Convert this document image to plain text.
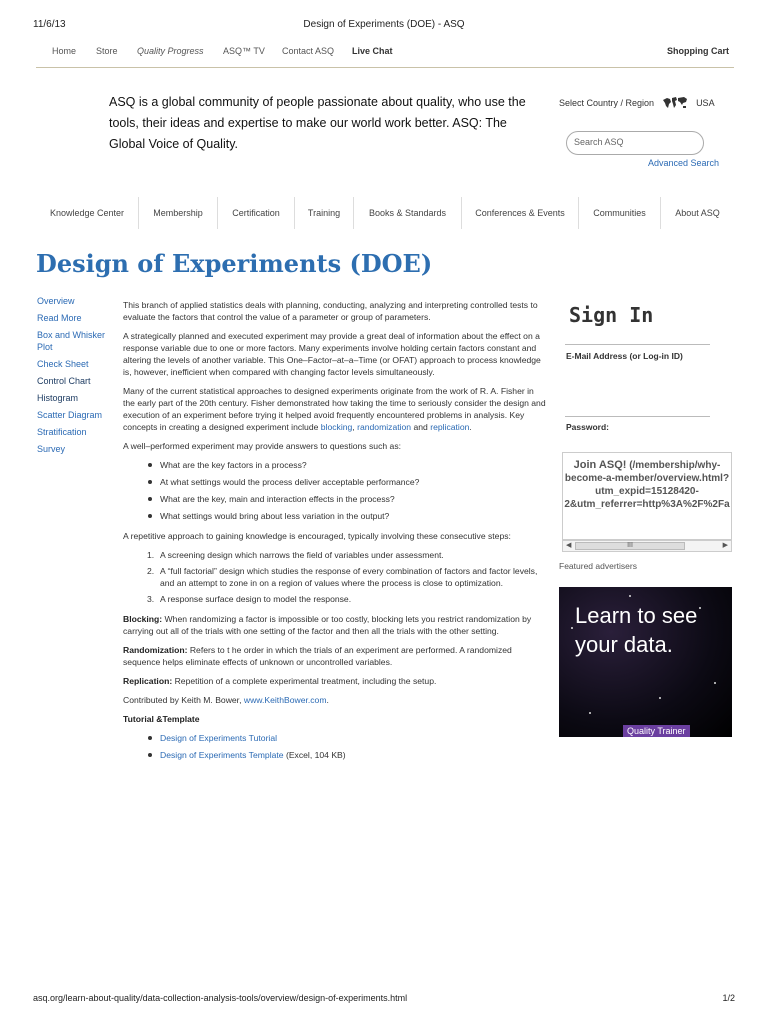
11/6/13	Design of Experiments (DOE) - ASQ
Home Store Quality Progress ASQ™ TV Contact ASQ Live Chat	Shopping Cart
ASQ is a global community of people passionate about quality, who use the tools, their ideas and expertise to make our world work better. ASQ: The Global Voice of Quality.
Select Country / Region	USA
Search ASQ
Advanced Search
Knowledge Center	Membership	Certification	Training	Books & Standards	Conferences & Events	Communities	About ASQ
Design of Experiments (DOE)
Overview
Read More
Box and Whisker Plot
Check Sheet
Control Chart
Histogram
Scatter Diagram
Stratification
Survey

This branch of applied statistics deals with planning, conducting, analyzing and interpreting controlled tests to evaluate the factors that control the value of a parameter or group of parameters.

A strategically planned and executed experiment may provide a great deal of information about the effect on a response variable due to one or more factors. Many experiments involve holding certain factors constant and altering the levels of another variable. This One–Factor–at–a–Time (or OFAT) approach to process knowledge is, however, inefficient when compared with changing factor levels simultaneously.

Many of the current statistical approaches to designed experiments originate from the work of R. A. Fisher in the early part of the 20th century. Fisher demonstrated how taking the time to seriously consider the design and execution of an experiment before trying it helped avoid frequently encountered problems in analysis. Key concepts in creating a designed experiment include blocking, randomization and replication.

A well–performed experiment may provide answers to questions such as:

What are the key factors in a process?
At what settings would the process deliver acceptable performance?
What are the key, main and interaction effects in the process?
What settings would bring about less variation in the output?

A repetitive approach to gaining knowledge is encouraged, typically involving these consecutive steps:

1. A screening design which narrows the field of variables under assessment.
2. A “full factorial” design which studies the response of every combination of factors and factor levels, and an attempt to zone in on a region of values where the process is close to optimization.
3. A response surface design to model the response.

Blocking: When randomizing a factor is impossible or too costly, blocking lets you restrict randomization by carrying out all of the trials with one setting of the factor and then all the trials with the other setting.

Randomization: Refers to t he order in which the trials of an experiment are performed. A randomized sequence helps eliminate effects of unknown or uncontrolled variables.

Replication: Repetition of a complete experimental treatment, including the setup.

Contributed by Keith M. Bower, www.KeithBower.com.

Tutorial &Template

Design of Experiments Tutorial
Design of Experiments Template (Excel, 104 KB)
Sign In
E-Mail Address (or Log-in ID)
Password:
Join ASQ! (/membership/why-become-a-member/overview.html?utm_expid=15128420-2&utm_referrer=http%3A%2F%2Fa
◀	III	▶
Featured advertisers
Learn to see your data.
Quality Trainer
asq.org/learn-about-quality/data-collection-analysis-tools/overview/design-of-experiments.html	1/2
